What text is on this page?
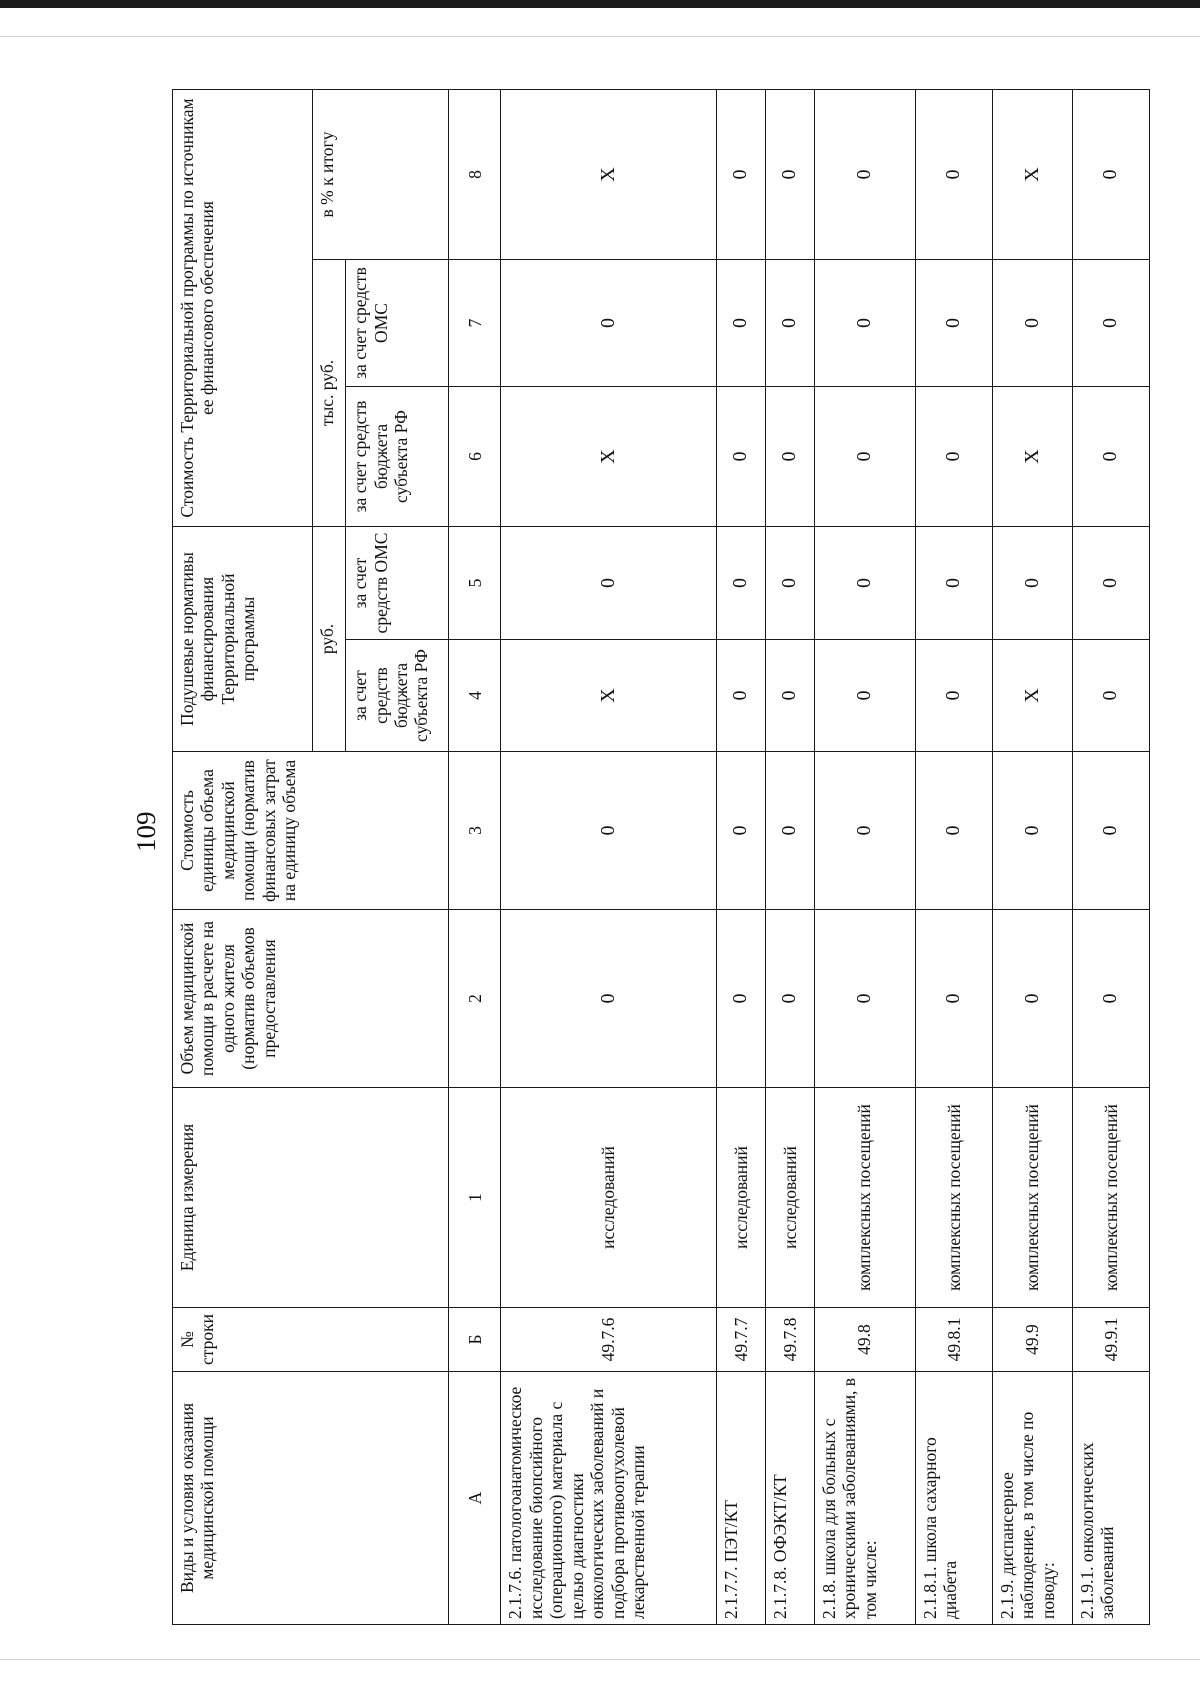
109
Виды и условия оказания медицинской помощи	№ строки	Единица измерения	Объем медицинской помощи в расчете на одного жителя (норматив объемов предоставления	Стоимость единицы объема медицинской помощи (норматив финансовых затрат на единицу объема	Подушевые нормативы финансирования Территориальной программы		Стоимость Территориальной программы по источникам ее финансового обеспечения		
					руб.		тыс. руб.		в % к итогу
					за счет средств бюджета субъекта РФ	за счет средств ОМС	за счет средств бюджета субъекта РФ	за счет средств ОМС	
А	Б	1	2	3	4	5	6	7	8
2.1.7.6. патологоанатомическое исследование биопсийного (операционного) материала с целью диагностики онкологических заболеваний и подбора противоопухолевой лекарственной терапии	49.7.6	исследований	0	0	Х	0	Х	0	Х
2.1.7.7. ПЭТ/КТ	49.7.7	исследований	0	0	0	0	0	0	0
2.1.7.8. ОФЭКТ/КТ	49.7.8	исследований	0	0	0	0	0	0	0
2.1.8. школа для больных с хроническими заболеваниями, в том числе:	49.8	комплексных посещений	0	0	0	0	0	0	0
2.1.8.1. школа сахарного диабета	49.8.1	комплексных посещений	0	0	0	0	0	0	0
2.1.9. диспансерное наблюдение, в том числе по поводу:	49.9	комплексных посещений	0	0	Х	0	Х	0	Х
2.1.9.1. онкологических заболеваний	49.9.1	комплексных посещений	0	0	0	0	0	0	0
